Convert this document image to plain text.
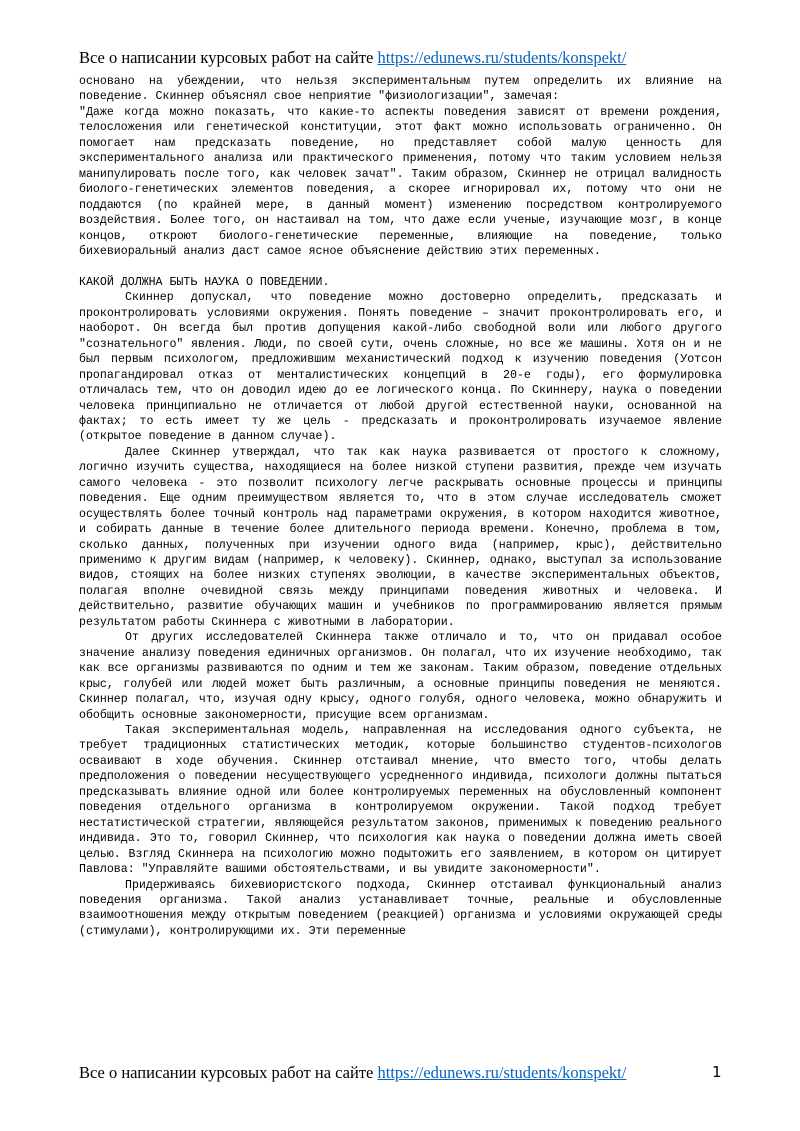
Все о написании курсовых работ на сайте https://edunews.ru/students/konspekt/

основано на убеждении, что нельзя экспериментальным путем определить их влияние на поведение. Скиннер объяснял свое неприятие "физиологизации", замечая:

"Даже когда можно показать, что какие-то аспекты поведения зависят от времени рождения, телосложения или генетической конституции, этот факт можно использовать ограниченно. Он помогает нам предсказать поведение, но представляет собой малую ценность для экспериментального анализа или практического применения, потому что таким условием нельзя манипулировать после того, как человек зачат". Таким образом, Скиннер не отрицал валидность биолого-генетических элементов поведения, а скорее игнорировал их, потому что они не поддаются (по крайней мере, в данный момент) изменению посредством контролируемого воздействия. Более того, он настаивал на том, что даже если ученые, изучающие мозг, в конце концов, откроют биолого-генетические переменные, влияющие на поведение, только бихевиоральный анализ даст самое ясное объяснение действию этих переменных.

КАКОЙ ДОЛЖНА БЫТЬ НАУКА О ПОВЕДЕНИИ.

Скиннер допускал, что поведение можно достоверно определить, предсказать и проконтролировать условиями окружения. Понять поведение – значит проконтролировать его, и наоборот. Он всегда был против допущения какой-либо свободной воли или любого другого "сознательного" явления. Люди, по своей сути, очень сложные, но все же машины. Хотя он и не был первым психологом, предложившим механистический подход к изучению поведения (Уотсон пропагандировал отказ от менталистических концепций в 20-е годы), его формулировка отличалась тем, что он доводил идею до ее логического конца. По Скиннеру, наука о поведении человека принципиально не отличается от любой другой естественной науки, основанной на фактах; то есть имеет ту же цель - предсказать и проконтролировать изучаемое явление (открытое поведение в данном случае).

Далее Скиннер утверждал, что так как наука развивается от простого к сложному, логично изучить существа, находящиеся на более низкой ступени развития, прежде чем изучать самого человека - это позволит психологу легче раскрывать основные процессы и принципы поведения. Еще одним преимуществом является то, что в этом случае исследователь сможет осуществлять более точный контроль над параметрами окружения, в котором находится животное, и собирать данные в течение более длительного периода времени. Конечно, проблема в том, сколько данных, полученных при изучении одного вида (например, крыс), действительно применимо к другим видам (например, к человеку). Скиннер, однако, выступал за использование видов, стоящих на более низких ступенях эволюции, в качестве экспериментальных объектов, полагая вполне очевидной связь между принципами поведения животных и человека. И действительно, развитие обучающих машин и учебников по программированию является прямым результатом работы Скиннера с животными в лаборатории.

От других исследователей Скиннера также отличало и то, что он придавал особое значение анализу поведения единичных организмов. Он полагал, что их изучение необходимо, так как все организмы развиваются по одним и тем же законам. Таким образом, поведение отдельных крыс, голубей или людей может быть различным, а основные принципы поведения не меняются. Скиннер полагал, что, изучая одну крысу, одного голубя, одного человека, можно обнаружить и обобщить основные закономерности, присущие всем организмам.

Такая экспериментальная модель, направленная на исследования одного субъекта, не требует традиционных статистических методик, которые большинство студентов-психологов осваивают в ходе обучения. Скиннер отстаивал мнение, что вместо того, чтобы делать предположения о поведении несуществующего усредненного индивида, психологи должны пытаться предсказывать влияние одной или более контролируемых переменных на обусловленный компонент поведения отдельного организма в контролируемом окружении. Такой подход требует нестатистической стратегии, являющейся результатом законов, применимых к поведению реального индивида. Это то, говорил Скиннер, что психология как наука о поведении должна иметь своей целью. Взгляд Скиннера на психологию можно подытожить его заявлением, в котором он цитирует Павлова: "Управляйте вашими обстоятельствами, и вы увидите закономерности".

Придерживаясь бихевиористского подхода, Скиннер отстаивал функциональный анализ поведения организма. Такой анализ устанавливает точные, реальные и обусловленные взаимоотношения между открытым поведением (реакцией) организма и условиями окружающей среды (стимулами), контролирующими их. Эти переменные

Все о написании курсовых работ на сайте https://edunews.ru/students/konspekt/	1
